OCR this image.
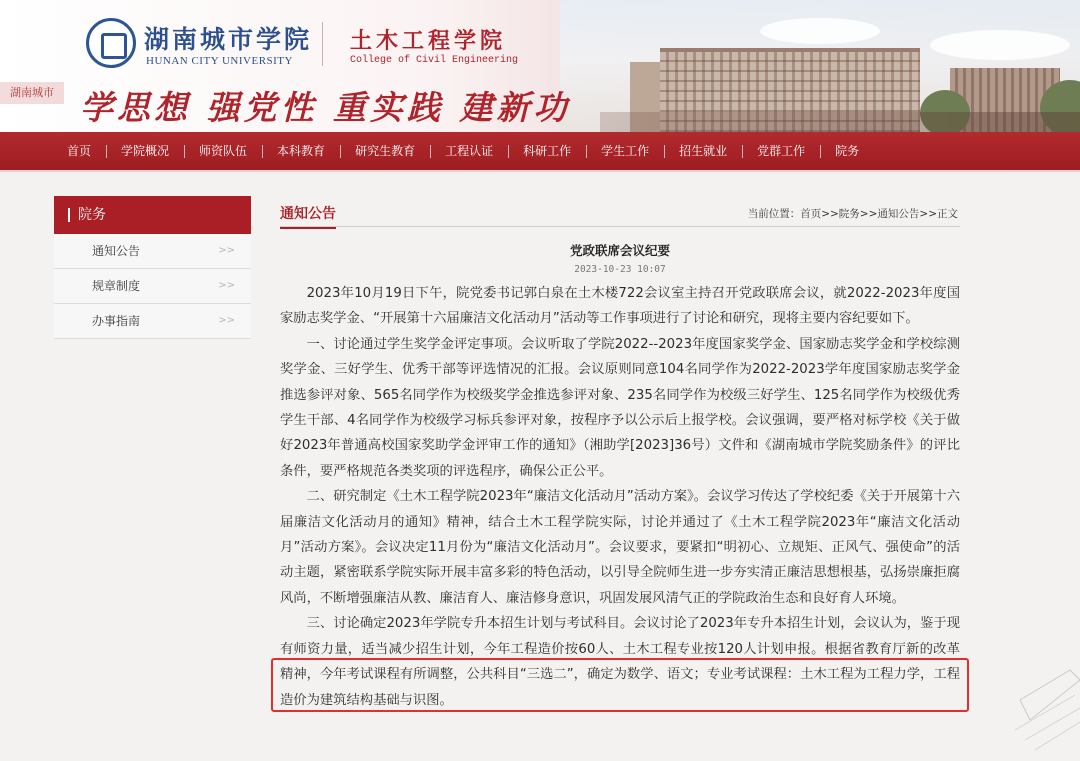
湖南城市学院
HUNAN CITY UNIVERSITY
土木工程学院
College of Civil Engineering
湖南城市 学思想 强党性 重实践 建新功
首页	学院概况	师资队伍	本科教育	研究生教育	工程认证	科研工作	学生工作	招生就业	党群工作	院务
院务
通知公告	>>
规章制度	>>
办事指南	>>
通知公告	当前位置：首页>>院务>>通知公告>>正文
党政联席会议纪要
2023-10-23 10:07

2023年10月19日下午，院党委书记郭白泉在土木楼722会议室主持召开党政联席会议，就2022-2023年度国家励志奖学金、“开展第十六届廉洁文化活动月”活动等工作事项进行了讨论和研究，现将主要内容纪要如下。

一、讨论通过学生奖学金评定事项。会议听取了学院2022--2023年度国家奖学金、国家励志奖学金和学校综测奖学金、三好学生、优秀干部等评选情况的汇报。会议原则同意104名同学作为2022-2023学年度国家励志奖学金推选参评对象、565名同学作为校级奖学金推选参评对象、235名同学作为校级三好学生、125名同学作为校级优秀学生干部、4名同学作为校级学习标兵参评对象，按程序予以公示后上报学校。会议强调，要严格对标学校《关于做好2023年普通高校国家奖助学金评审工作的通知》（湘助学[2023]36号）文件和《湖南城市学院奖励条件》的评比条件，要严格规范各类奖项的评选程序，确保公正公平。

二、研究制定《土木工程学院2023年“廉洁文化活动月”活动方案》。会议学习传达了学校纪委《关于开展第十六届廉洁文化活动月的通知》精神，结合土木工程学院实际，讨论并通过了《土木工程学院2023年“廉洁文化活动月”活动方案》。会议决定11月份为“廉洁文化活动月”。会议要求，要紧扣“明初心、立规矩、正风气、强使命”的活动主题，紧密联系学院实际开展丰富多彩的特色活动，以引导全院师生进一步夯实清正廉洁思想根基，弘扬崇廉拒腐风尚，不断增强廉洁从教、廉洁育人、廉洁修身意识，巩固发展风清气正的学院政治生态和良好育人环境。

三、讨论确定2023年学院专升本招生计划与考试科目。会议讨论了2023年专升本招生计划，会议认为，鉴于现有师资力量，适当减少招生计划，今年工程造价按60人、土木工程专业按120人计划申报。根据省教育厅新的改革精神，今年考试课程有所调整，公共科目“三选二”，确定为数学、语文；专业考试课程：土木工程为工程力学，工程造价为建筑结构基础与识图。
